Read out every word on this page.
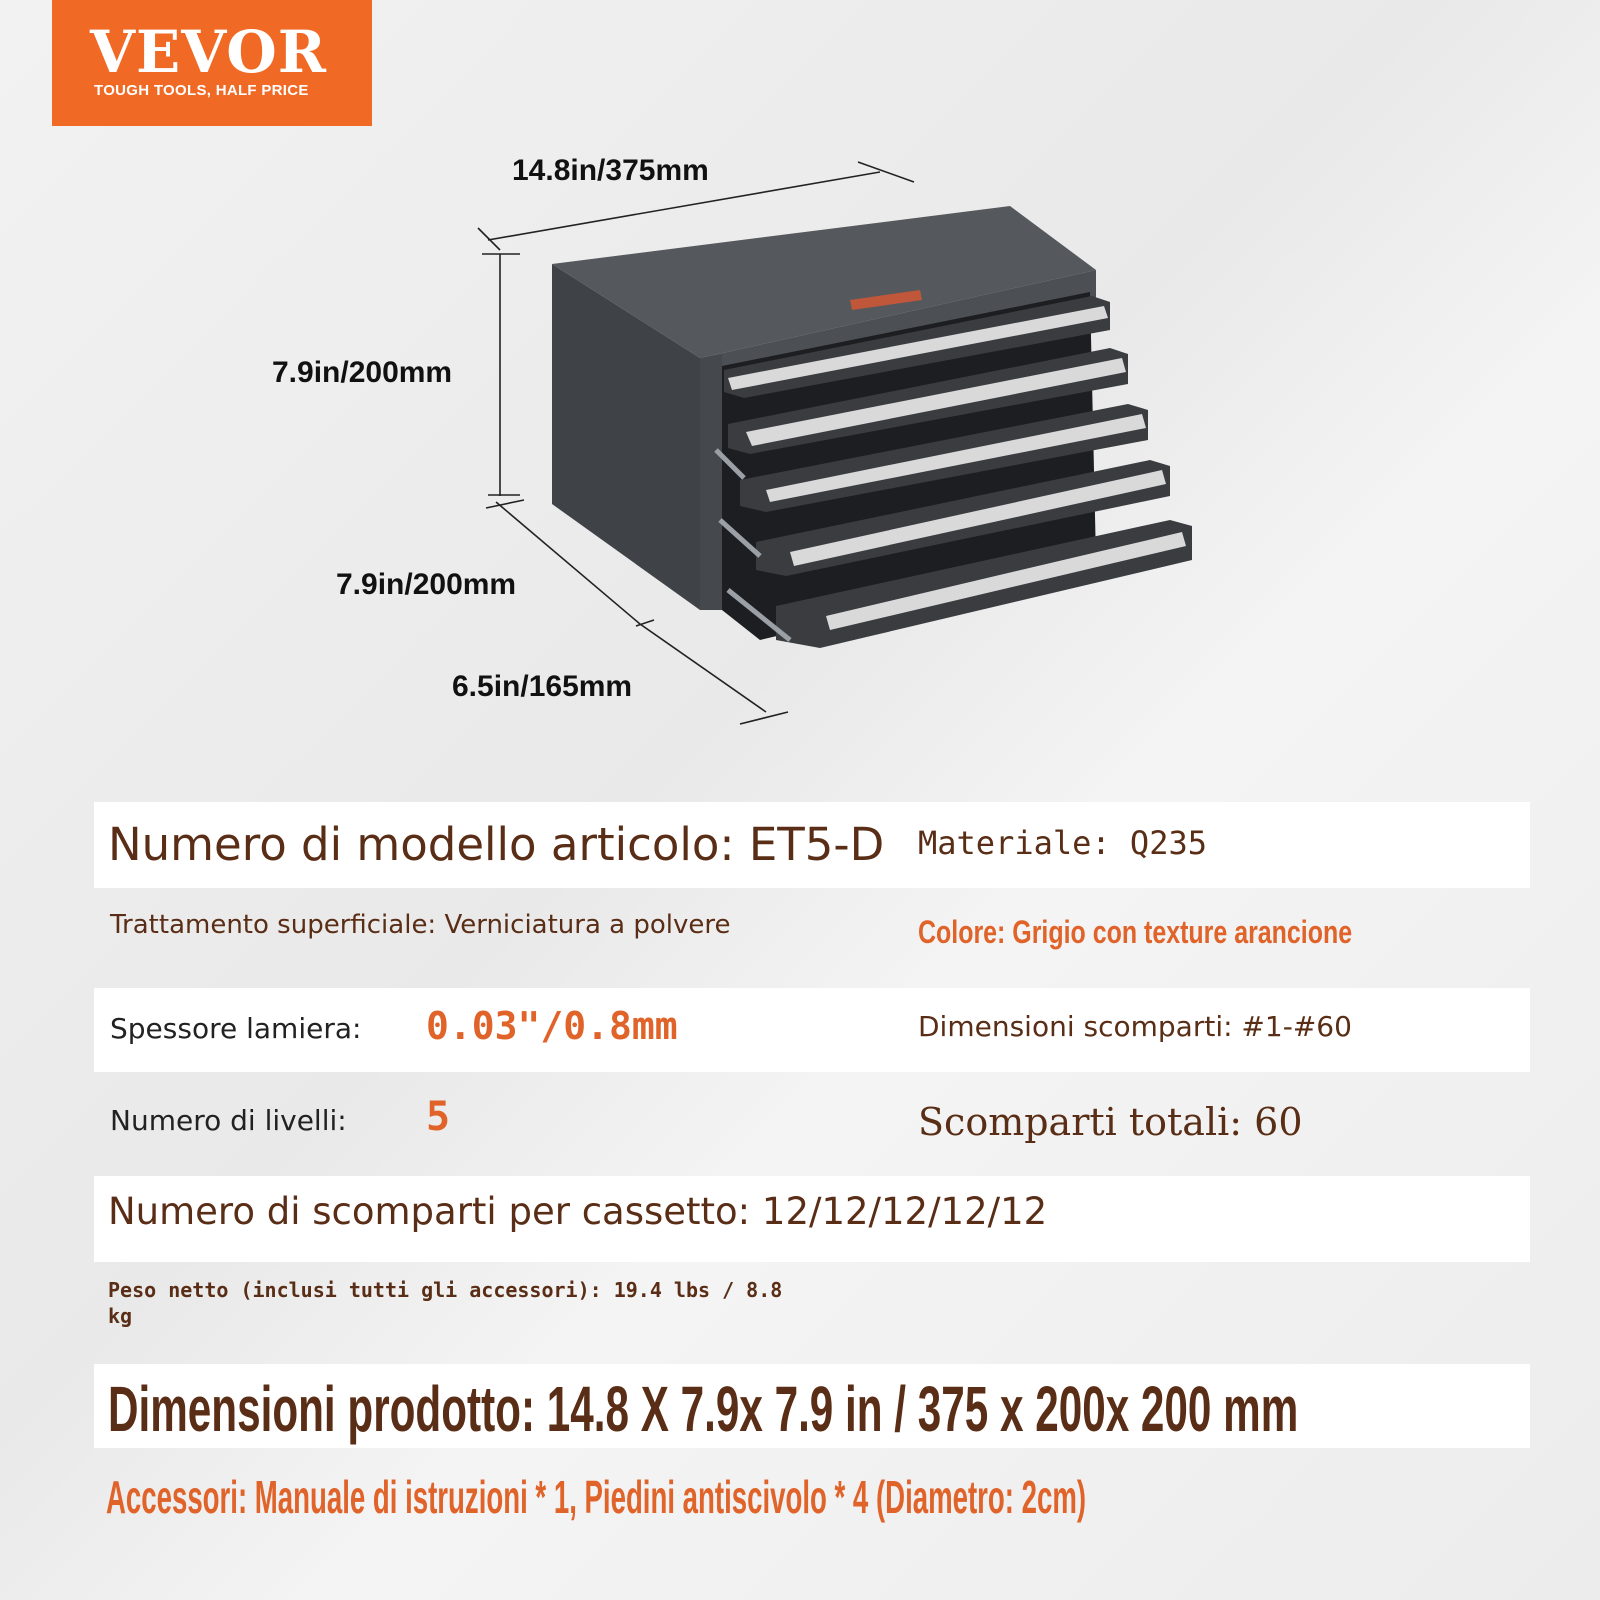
VEVOR
TOUGH TOOLS, HALF PRICE
14.8in/375mm
7.9in/200mm
7.9in/200mm
6.5in/165mm
Numero di modello articolo: ET5-D Materiale: Q235
Trattamento superficiale: Verniciatura a polvere	Colore: Grigio con texture arancione
Spessore lamiera: 0.03"/0.8mm	Dimensioni scomparti: #1-#60
Numero di livelli: 5	Scomparti totali: 60
Numero di scomparti per cassetto: 12/12/12/12/12
Peso netto (inclusi tutti gli accessori): 19.4 lbs / 8.8
kg
Dimensioni prodotto: 14.8 X 7.9x 7.9 in / 375 x 200x 200 mm
Accessori: Manuale di istruzioni * 1, Piedini antiscivolo * 4 (Diametro: 2cm)
